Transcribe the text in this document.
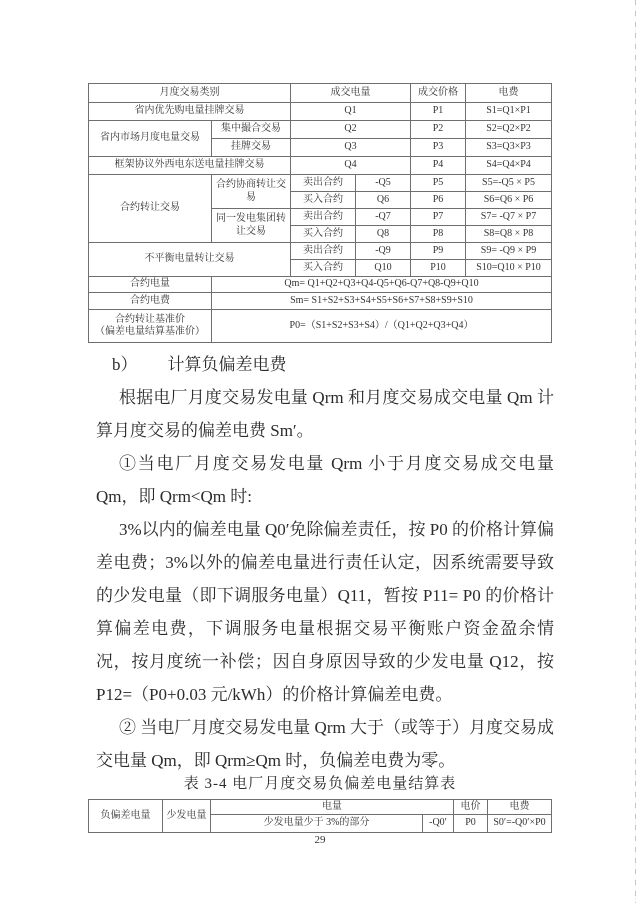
月度交易类别		成交电量		成交价格	电费
省内优先购电量挂牌交易		Q1		P1	S1=Q1×P1
省内市场月度电量交易	集中撮合交易	Q2		P2	S2=Q2×P2
	挂牌交易	Q3		P3	S3=Q3×P3
框架协议外西电东送电量挂牌交易		Q4		P4	S4=Q4×P4
合约转让交易	合约协商转让交易	卖出合约	-Q5	P5	S5=-Q5 × P5
		买入合约	Q6	P6	S6=Q6 × P6
	同一发电集团转让交易	卖出合约	-Q7	P7	S7= -Q7 × P7
		买入合约	Q8	P8	S8=Q8 × P8
不平衡电量转让交易		卖出合约	-Q9	P9	S9= -Q9 × P9
		买入合约	Q10	P10	S10=Q10 × P10
合约电量	Qm= Q1+Q2+Q3+Q4-Q5+Q6-Q7+Q8-Q9+Q10				
合约电费	Sm= S1+S2+S3+S4+S5+S6+S7+S8+S9+S10				
合约转让基准价
（偏差电量结算基准价）	P0=（S1+S2+S3+S4）/（Q1+Q2+Q3+Q4）				

b） 计算负偏差电费

根据电厂月度交易发电量 Qrm 和月度交易成交电量 Qm 计算月度交易的偏差电费 Sm′。

①当电厂月度交易发电量 Qrm 小于月度交易成交电量 Qm，即 Qrm<Qm 时:

3%以内的偏差电量 Q0′免除偏差责任，按 P0 的价格计算偏差电费；3%以外的偏差电量进行责任认定，因系统需要导致的少发电量（即下调服务电量）Q11，暂按 P11= P0 的价格计算偏差电费，下调服务电量根据交易平衡账户资金盈余情况，按月度统一补偿；因自身原因导致的少发电量 Q12，按 P12=（P0+0.03 元/kWh）的价格计算偏差电费。

② 当电厂月度交易发电量 Qrm 大于（或等于）月度交易成交电量 Qm，即 Qrm≥Qm 时，负偏差电费为零。

表 3-4 电厂月度交易负偏差电量结算表
负偏差电量	少发电量	电量		电价	电费
		少发电量少于 3%的部分	-Q0′	P0	S0′=-Q0′×P0
29
